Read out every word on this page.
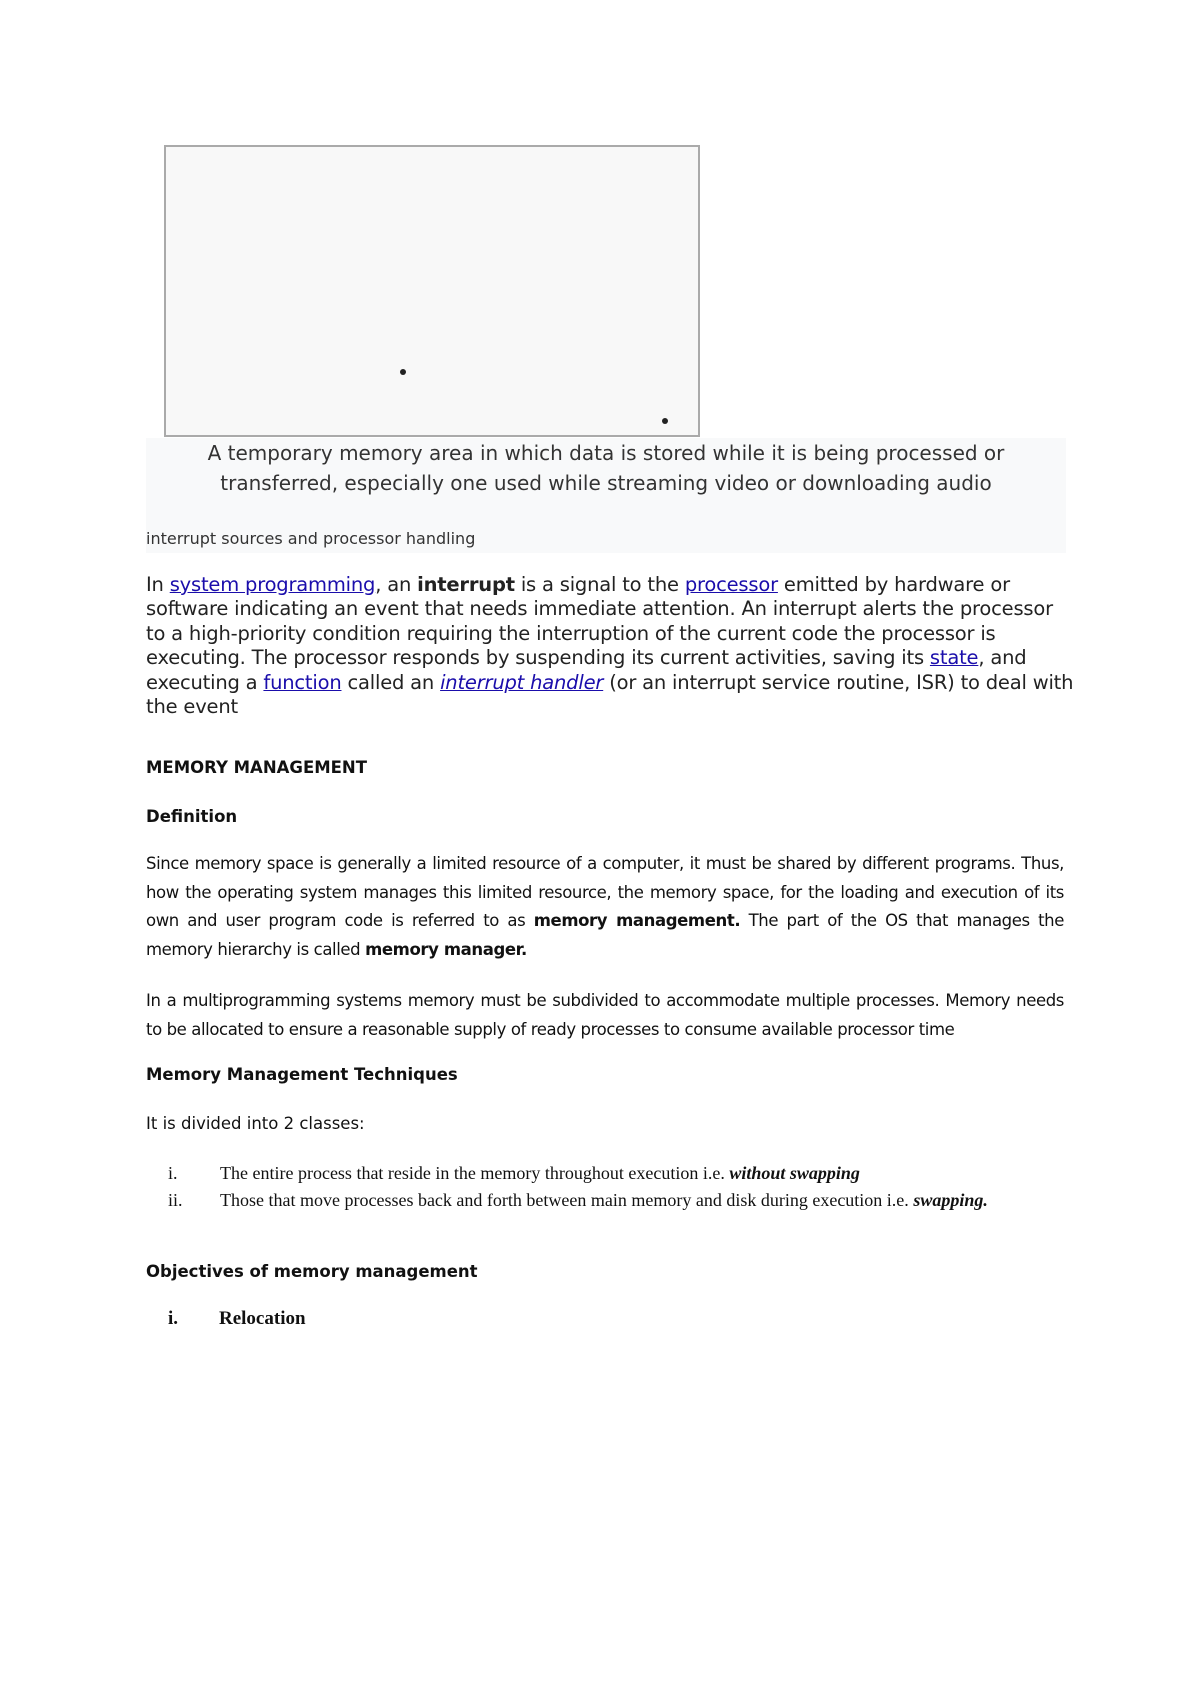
A temporary memory area in which data is stored while it is being processed or transferred, especially one used while streaming video or downloading audio
interrupt sources and processor handling
In system programming, an interrupt is a signal to the processor emitted by hardware or software indicating an event that needs immediate attention. An interrupt alerts the processor to a high-priority condition requiring the interruption of the current code the processor is executing. The processor responds by suspending its current activities, saving its state, and executing a function called an interrupt handler (or an interrupt service routine, ISR) to deal with the event
MEMORY MANAGEMENT
Definition
Since memory space is generally a limited resource of a computer, it must be shared by different programs. Thus, how the operating system manages this limited resource, the memory space, for the loading and execution of its own and user program code is referred to as memory management. The part of the OS that manages the memory hierarchy is called memory manager.
In a multiprogramming systems memory must be subdivided to accommodate multiple processes. Memory needs to be allocated to ensure a reasonable supply of ready processes to consume available processor time
Memory Management Techniques
It is divided into 2 classes:
i.	The entire process that reside in the memory throughout execution i.e. without swapping
ii.	Those that move processes back and forth between main memory and disk during execution i.e. swapping.
Objectives of memory management
i. Relocation
